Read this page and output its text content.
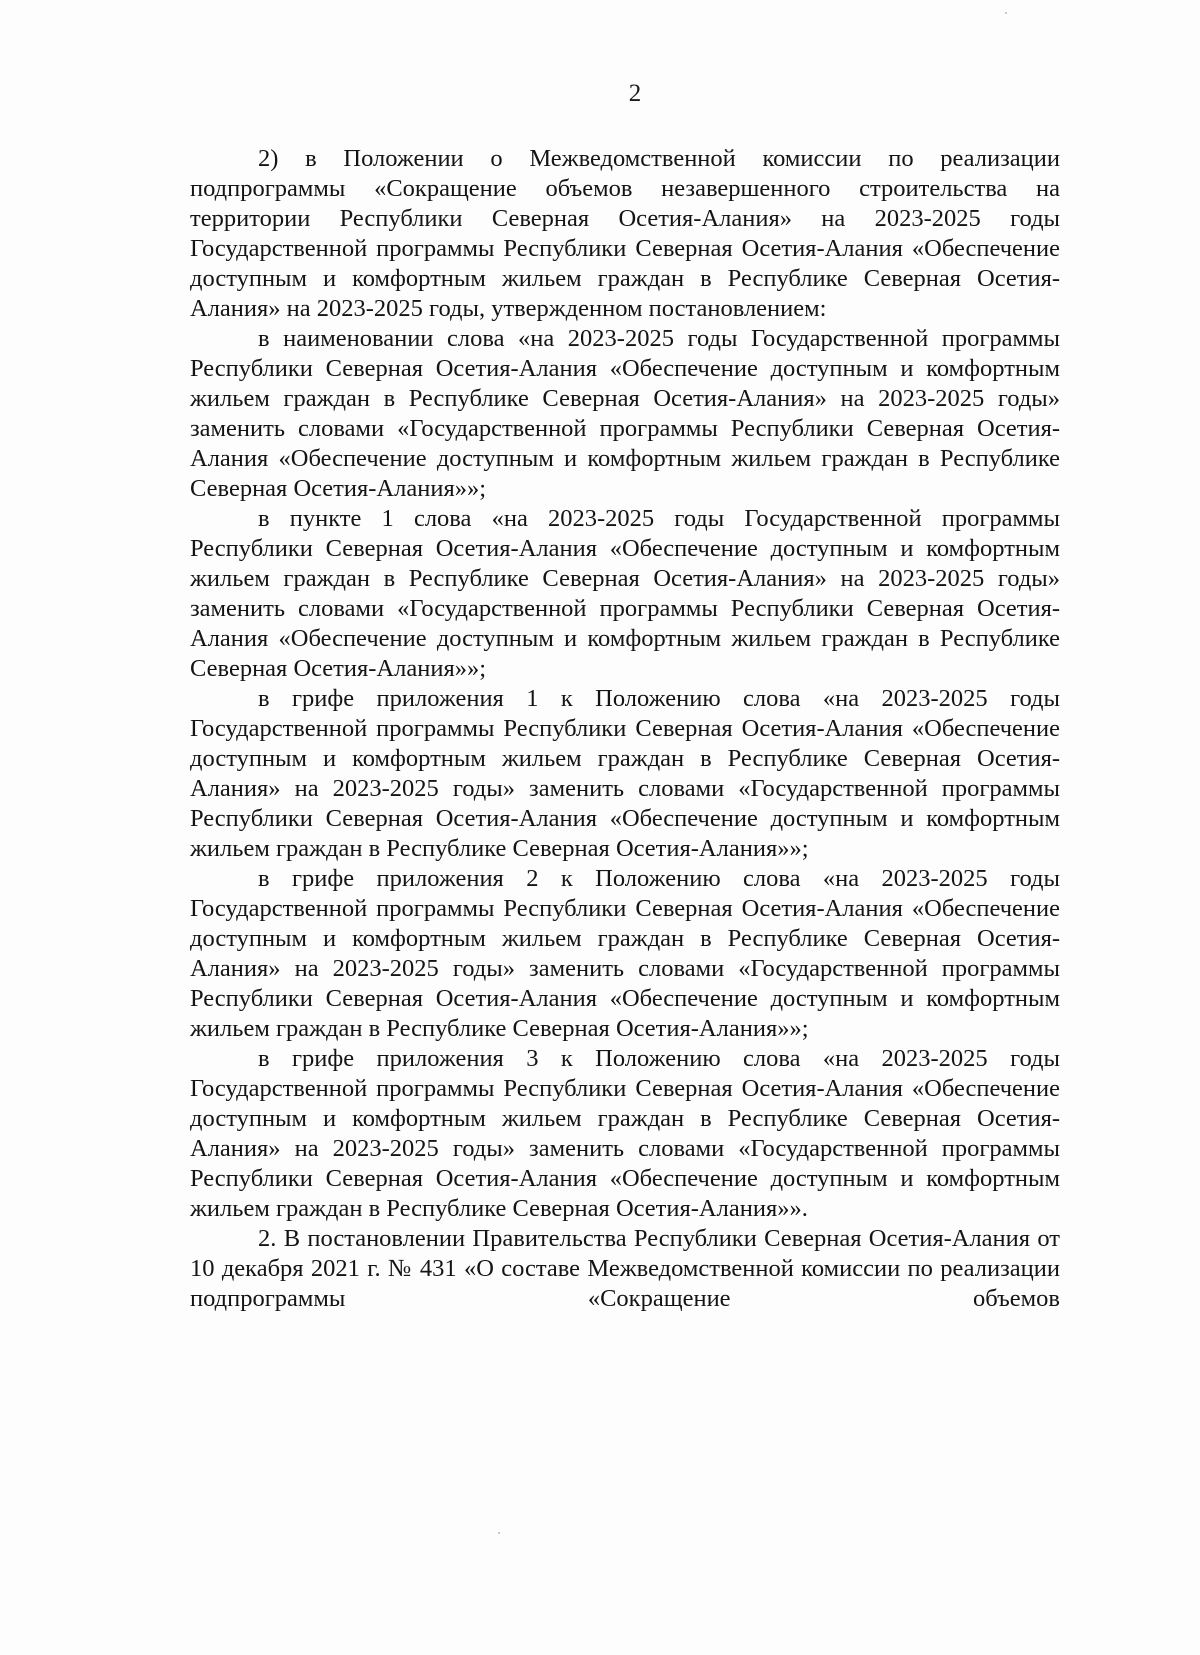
2

2) в Положении о Межведомственной комиссии по реализации подпрограммы «Сокращение объемов незавершенного строительства на территории Республики Северная Осетия-Алания» на 2023-2025 годы Государственной программы Республики Северная Осетия-Алания «Обеспечение доступным и комфортным жильем граждан в Республике Северная Осетия-Алания» на 2023-2025 годы, утвержденном постановлением:

в наименовании слова «на 2023-2025 годы Государственной программы Республики Северная Осетия-Алания «Обеспечение доступным и комфортным жильем граждан в Республике Северная Осетия-Алания» на 2023-2025 годы» заменить словами «Государственной программы Республики Северная Осетия-Алания «Обеспечение доступным и комфортным жильем граждан в Республике Северная Осетия-Алания»»;

в пункте 1 слова «на 2023-2025 годы Государственной программы Республики Северная Осетия-Алания «Обеспечение доступным и комфортным жильем граждан в Республике Северная Осетия-Алания» на 2023-2025 годы» заменить словами «Государственной программы Республики Северная Осетия-Алания «Обеспечение доступным и комфортным жильем граждан в Республике Северная Осетия-Алания»»;

в грифе приложения 1 к Положению слова «на 2023-2025 годы Государственной программы Республики Северная Осетия-Алания «Обеспечение доступным и комфортным жильем граждан в Республике Северная Осетия-Алания» на 2023-2025 годы» заменить словами «Государственной программы Республики Северная Осетия-Алания «Обеспечение доступным и комфортным жильем граждан в Республике Северная Осетия-Алания»»;

в грифе приложения 2 к Положению слова «на 2023-2025 годы Государственной программы Республики Северная Осетия-Алания «Обеспечение доступным и комфортным жильем граждан в Республике Северная Осетия-Алания» на 2023-2025 годы» заменить словами «Государственной программы Республики Северная Осетия-Алания «Обеспечение доступным и комфортным жильем граждан в Республике Северная Осетия-Алания»»;

в грифе приложения 3 к Положению слова «на 2023-2025 годы Государственной программы Республики Северная Осетия-Алания «Обеспечение доступным и комфортным жильем граждан в Республике Северная Осетия-Алания» на 2023-2025 годы» заменить словами «Государственной программы Республики Северная Осетия-Алания «Обеспечение доступным и комфортным жильем граждан в Республике Северная Осетия-Алания»».

2. В постановлении Правительства Республики Северная Осетия-Алания от 10 декабря 2021 г. № 431 «О составе Межведомственной комиссии по реализации подпрограммы «Сокращение объемов
